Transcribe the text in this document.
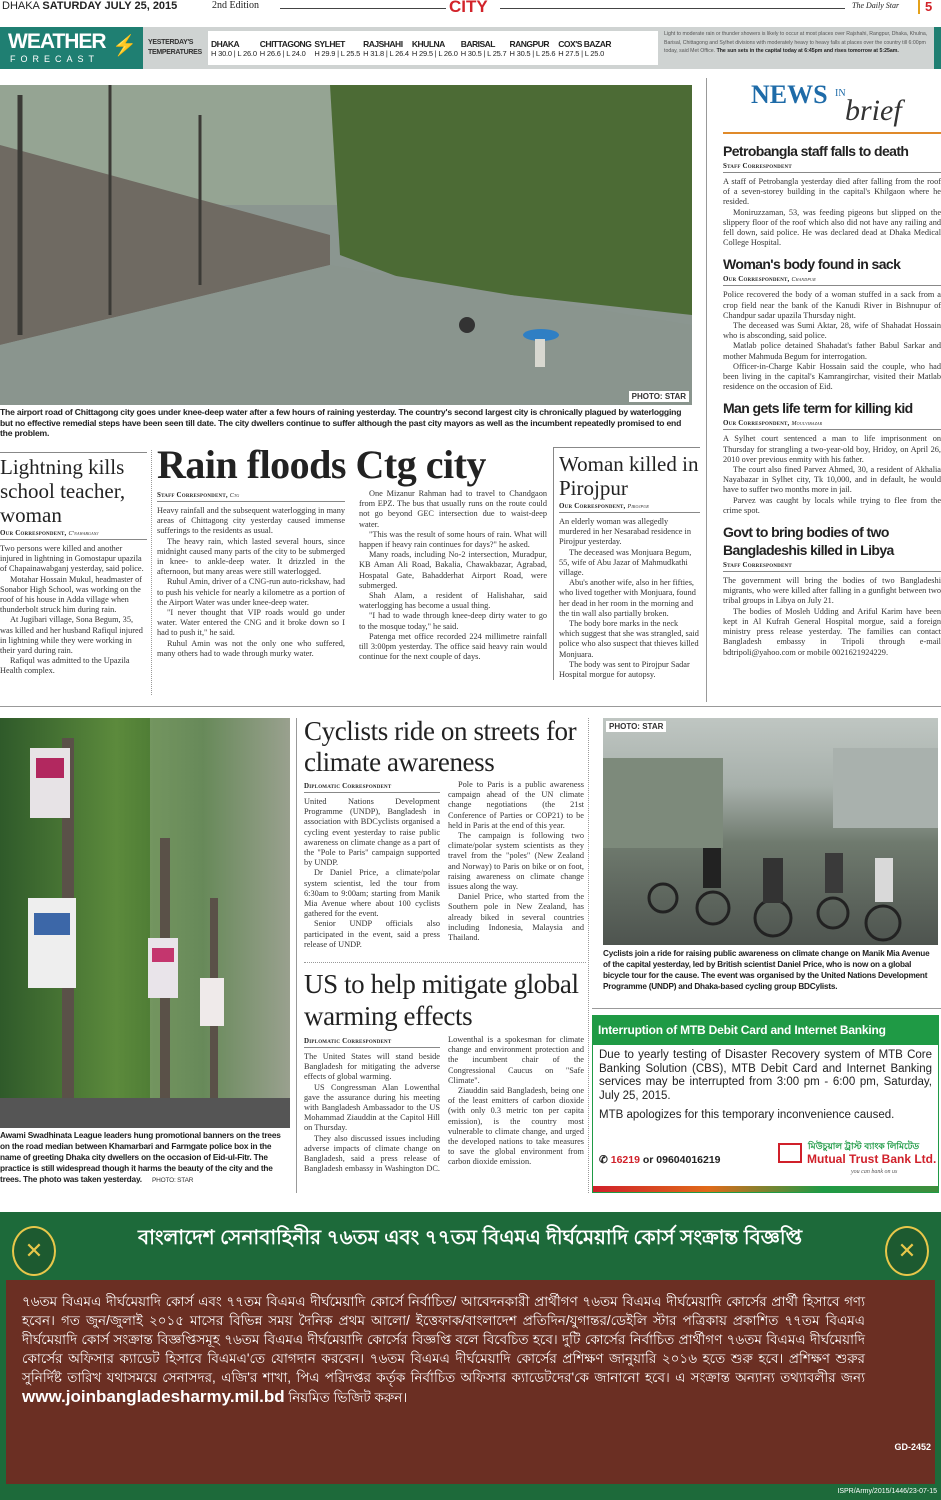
DHAKA SATURDAY JULY 25, 2015	2nd Edition	CITY	The Daily Star	5
WEATHER
FORECAST
⚡ YESTERDAY'S
TEMPERATURES
DHAKA
H 30.0 | L 26.0
CHITTAGONG
H 26.6 | L 24.0
SYLHET
H 29.9 | L 25.5
RAJSHAHI
H 31.8 | L 26.4
KHULNA
H 29.5 | L 26.0
BARISAL
H 30.5 | L 25.7
RANGPUR
H 30.5 | L 25.6
COX'S BAZAR
H 27.5 | L 25.0
Light to moderate rain or thunder showers is likely to occur at most places over Rajshahi, Rangpur, Dhaka, Khulna, Barisal, Chittagong and Sylhet divisions with moderately heavy to heavy falls at places over the country till 6:00pm today, said Met Office. The sun sets in the capital today at 6:45pm and rises tomorrow at 5:25am.
PHOTO: STAR
The airport road of Chittagong city goes under knee-deep water after a few hours of raining yesterday. The country's second largest city is chronically plagued by waterlogging but no effective remedial steps have been seen till date. The city dwellers continue to suffer although the past city mayors as well as the incumbent repeatedly promised to end the problem.
Lightning kills school teacher, woman
Our Correspondent, C'nawabganj

Two persons were killed and another injured in lightning in Gomostapur upazila of Chapainawabganj yesterday, said police.

Motahar Hossain Mukul, headmaster of Sonabor High School, was working on the roof of his house in Adda village when thunderbolt struck him during rain.

At Jugibari village, Sona Begum, 35, was killed and her husband Rafiqul injured in lightning while they were working in their yard during rain.

Rafiqul was admitted to the Upazila Health complex.

Rain floods Ctg city
Staff Correspondent, Ctg

Heavy rainfall and the subsequent waterlogging in many areas of Chittagong city yesterday caused immense sufferings to the residents as usual.

The heavy rain, which lasted several hours, since midnight caused many parts of the city to be submerged in knee- to ankle-deep water. It drizzled in the afternoon, but many areas were still waterlogged.

Ruhul Amin, driver of a CNG-run auto-rickshaw, had to push his vehicle for nearly a kilometre as a portion of the Airport Water was under knee-deep water.

"I never thought that VIP roads would go under water. Water entered the CNG and it broke down so I had to push it," he said.

Ruhul Amin was not the only one who suffered, many others had to wade through murky water.

One Mizanur Rahman had to travel to Chandgaon from EPZ. The bus that usually runs on the route could not go beyond GEC intersection due to waist-deep water.

"This was the result of some hours of rain. What will happen if heavy rain continues for days?" he asked.

Many roads, including No-2 intersection, Muradpur, KB Aman Ali Road, Bakalia, Chawakbazar, Agrabad, Hospatal Gate, Bahadderhat Airport Road, were submerged.

Shah Alam, a resident of Halishahar, said waterlogging has become a usual thing.

"I had to wade through knee-deep dirty water to go to the mosque today," he said.

Patenga met office recorded 224 millimetre rainfall till 3:00pm yesterday. The office said heavy rain would continue for the next couple of days.

Woman killed in Pirojpur
Our Correspondent, Pirojpur

An elderly woman was allegedly murdered in her Nesarabad residence in Pirojpur yesterday.

The deceased was Monjuara Begum, 55, wife of Abu Jazar of Mahmudkathi village.

Abu's another wife, also in her fifties, who lived together with Monjuara, found her dead in her room in the morning and the tin wall also partially broken.

The body bore marks in the neck which suggest that she was strangled, said police who also suspect that thieves killed Monjuara.

The body was sent to Pirojpur Sadar Hospital morgue for autopsy.

NEWS IN
brief
Petrobangla staff falls to death
Staff Correspondent

A staff of Petrobangla yesterday died after falling from the roof of a seven-storey building in the capital's Khilgaon where he resided.

Moniruzzaman, 53, was feeding pigeons but slipped on the slippery floor of the roof which also did not have any railing and fell down, said police. He was declared dead at Dhaka Medical College Hospital.

Woman's body found in sack
Our Correspondent, Chandpur

Police recovered the body of a woman stuffed in a sack from a crop field near the bank of the Kanudi River in Bishnupur of Chandpur sadar upazila Thursday night.

The deceased was Sumi Aktar, 28, wife of Shahadat Hossain who is absconding, said police.

Matlab police detained Shahadat's father Babul Sarkar and mother Mahmuda Begum for interrogation.

Officer-in-Charge Kabir Hossain said the couple, who had been living in the capital's Kamrangirchar, visited their Matlab residence on the occasion of Eid.

Man gets life term for killing kid
Our Correspondent, Moulvibazar

A Sylhet court sentenced a man to life imprisonment on Thursday for strangling a two-year-old boy, Hridoy, on April 26, 2010 over previous enmity with his father.

The court also fined Parvez Ahmed, 30, a resident of Akhalia Nayabazar in Sylhet city, Tk 10,000, and in default, he would have to suffer two months more in jail.

Parvez was caught by locals while trying to flee from the crime spot.

Govt to bring bodies of two Bangladeshis killed in Libya
Staff Correspondent

The government will bring the bodies of two Bangladeshi migrants, who were killed after falling in a gunfight between two tribal groups in Libya on July 21.

The bodies of Mosleh Udding and Ariful Karim have been kept in Al Kufrah General Hospital morgue, said a foreign ministry press release yesterday. The families can contact Bangladesh embassy in Tripoli through e-mail bdtripoli@yahoo.com or mobile 0021621924229.

Awami Swadhinata League leaders hung promotional banners on the trees on the road median between Khamarbari and Farmgate police box in the name of greeting Dhaka city dwellers on the occasion of Eid-ul-Fitr. The practice is still widespread though it harms the beauty of the city and the trees. The photo was taken yesterday. PHOTO: STAR
Cyclists ride on streets for climate awareness
Diplomatic Correspondent

United Nations Development Programme (UNDP), Bangladesh in association with BDCyclists organised a cycling event yesterday to raise public awareness on climate change as a part of the "Pole to Paris" campaign supported by UNDP.

Dr Daniel Price, a climate/polar system scientist, led the tour from 6:30am to 9:00am; starting from Manik Mia Avenue where about 100 cyclists gathered for the event.

Senior UNDP officials also participated in the event, said a press release of UNDP.

Pole to Paris is a public awareness campaign ahead of the UN climate change negotiations (the 21st Conference of Parties or COP21) to be held in Paris at the end of this year.

The campaign is following two climate/polar system scientists as they travel from the "poles" (New Zealand and Norway) to Paris on bike or on foot, raising awareness on climate change issues along the way.

Daniel Price, who started from the Southern pole in New Zealand, has already biked in several countries including Indonesia, Malaysia and Thailand.

US to help mitigate global warming effects
Diplomatic Correspondent

The United States will stand beside Bangladesh for mitigating the adverse effects of global warming.

US Congressman Alan Lowenthal gave the assurance during his meeting with Bangladesh Ambassador to the US Mohammad Ziauddin at the Capitol Hill on Thursday.

They also discussed issues including adverse impacts of climate change on Bangladesh, said a press release of Bangladesh embassy in Washington DC. Lowenthal is a spokesman for climate change and environment protection and the incumbent chair of the Congressional Caucus on "Safe Climate".

Ziauddin said Bangladesh, being one of the least emitters of carbon dioxide (with only 0.3 metric ton per capita emission), is the country most vulnerable to climate change, and urged the developed nations to take measures to save the global environment from carbon dioxide emission.

PHOTO: STAR
Cyclists join a ride for raising public awareness on climate change on Manik Mia Avenue of the capital yesterday, led by British scientist Daniel Price, who is now on a global bicycle tour for the cause. The event was organised by the United Nations Development Programme (UNDP) and Dhaka-based cycling group BDCylists.
Interruption of MTB Debit Card and Internet Banking
Due to yearly testing of Disaster Recovery system of MTB Core Banking Solution (CBS), MTB Debit Card and Internet Banking services may be interrupted from 3:00 pm - 6:00 pm, Saturday, July 25, 2015.
MTB apologizes for this temporary inconvenience caused.
✆ 16219 or 09604016219
মিউচুয়াল ট্রাস্ট ব্যাংক লিমিটেড
Mutual Trust Bank Ltd.
you can bank on us
✕	✕
বাংলাদেশ সেনাবাহিনীর ৭৬তম এবং ৭৭তম বিএমএ দীর্ঘমেয়াদি কোর্স সংক্রান্ত বিজ্ঞপ্তি
৭৬তম বিএমএ দীর্ঘমেয়াদি কোর্স এবং ৭৭তম বিএমএ দীর্ঘমেয়াদি কোর্সে নির্বাচিত/ আবেদনকারী প্রার্থীগণ ৭৬তম বিএমএ দীর্ঘমেয়াদি কোর্সের প্রার্থী হিসাবে গণ্য হবেন। গত জুন/জুলাই ২০১৫ মাসের বিভিন্ন সময় দৈনিক প্রথম আলো/ ইত্তেফাক/বাংলাদেশ প্রতিদিন/যুগান্তর/ডেইলি স্টার পত্রিকায় প্রকাশিত ৭৭তম বিএমএ দীর্ঘমেয়াদি কোর্স সংক্রান্ত বিজ্ঞপ্তিসমূহ ৭৬তম বিএমএ দীর্ঘমেয়াদি কোর্সের বিজ্ঞপ্তি বলে বিবেচিত হবে। দুটি কোর্সের নির্বাচিত প্রার্থীগণ ৭৬তম বিএমএ দীর্ঘমেয়াদি কোর্সের অফিসার ক্যাডেট হিসাবে বিএমএ'তে যোগদান করবেন। ৭৬তম বিএমএ দীর্ঘমেয়াদি কোর্সের প্রশিক্ষণ জানুয়ারি ২০১৬ হতে শুরু হবে। প্রশিক্ষণ শুরুর সুনির্দিষ্ট তারিখ যথাসময়ে সেনাসদর, এজি'র শাখা, পিএ পরিদপ্তর কর্তৃক নির্বাচিত অফিসার ক্যাডেটদের'কে জানানো হবে। এ সংক্রান্ত অন্যান্য তথ্যাবলীর জন্য www.joinbangladesharmy.mil.bd নিয়মিত ভিজিট করুন।
GD-2452
ISPR/Army/2015/1446/23-07-15
